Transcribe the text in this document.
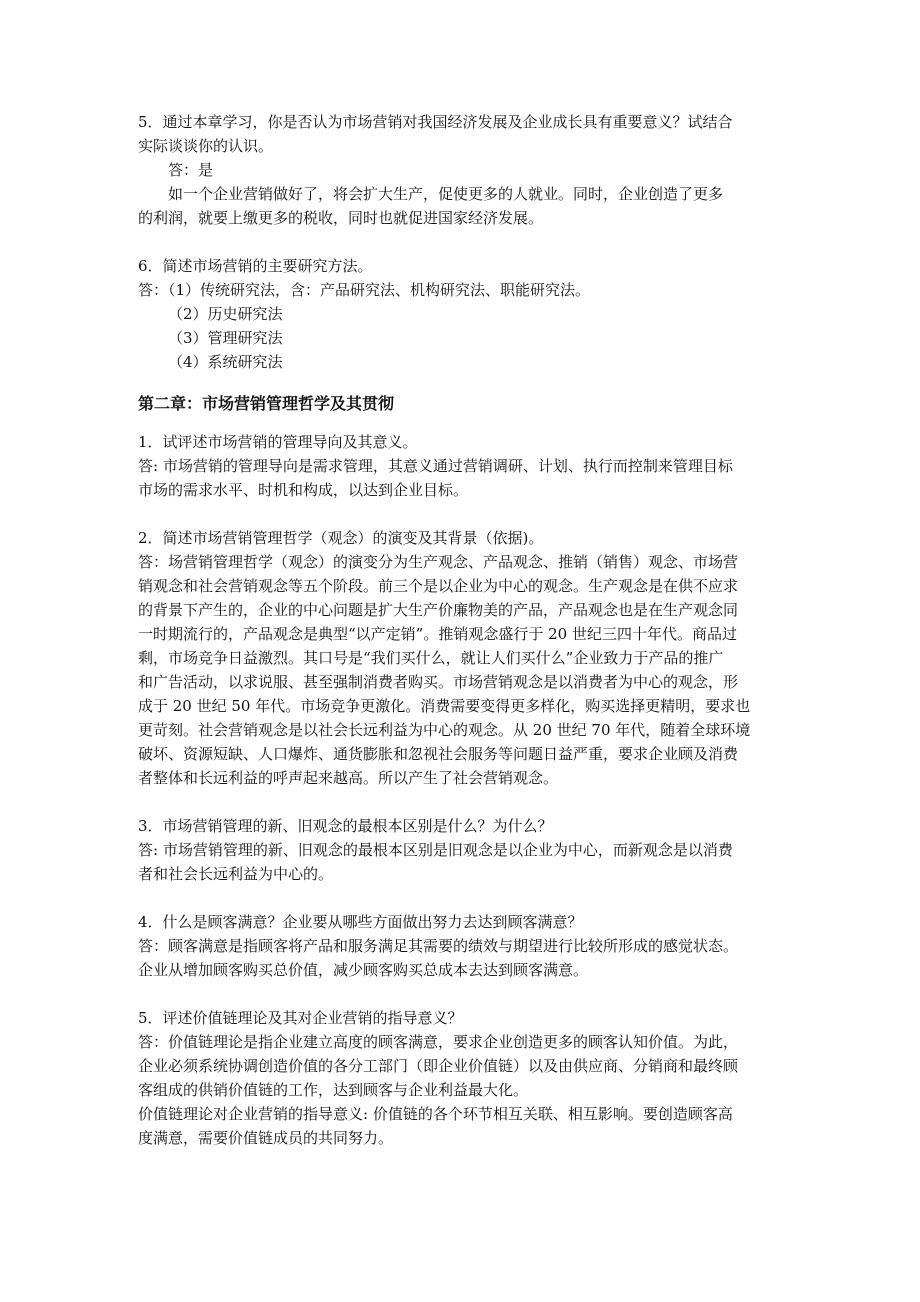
5．通过本章学习，你是否认为市场营销对我国经济发展及企业成长具有重要意义？试结合
实际谈谈你的认识。
答：是
如一个企业营销做好了，将会扩大生产，促使更多的人就业。同时，企业创造了更多
的利润，就要上缴更多的税收，同时也就促进国家经济发展。
6．简述市场营销的主要研究方法。
答：（1）传统研究法，含：产品研究法、机构研究法、职能研究法。
（2）历史研究法
（3）管理研究法
（4）系统研究法
第二章：市场营销管理哲学及其贯彻
1．试评述市场营销的管理导向及其意义。
答: 市场营销的管理导向是需求管理，其意义通过营销调研、计划、执行而控制来管理目标
市场的需求水平、时机和构成，以达到企业目标。
2．简述市场营销管理哲学（观念）的演变及其背景（依据)。
答：场营销管理哲学（观念）的演变分为生产观念、产品观念、推销（销售）观念、市场营
销观念和社会营销观念等五个阶段。前三个是以企业为中心的观念。生产观念是在供不应求
的背景下产生的，企业的中心问题是扩大生产价廉物美的产品，产品观念也是在生产观念同
一时期流行的，产品观念是典型“以产定销”。推销观念盛行于 20 世纪三四十年代。商品过
剩，市场竞争日益激烈。其口号是“我们买什么，就让人们买什么”企业致力于产品的推广
和广告活动，以求说服、甚至强制消费者购买。市场营销观念是以消费者为中心的观念，形
成于 20 世纪 50 年代。市场竞争更激化。消费需要变得更多样化，购买选择更精明，要求也
更苛刻。社会营销观念是以社会长远利益为中心的观念。从 20 世纪 70 年代，随着全球环境
破坏、资源短缺、人口爆炸、通货膨胀和忽视社会服务等问题日益严重，要求企业顾及消费
者整体和长远利益的呼声起来越高。所以产生了社会营销观念。
3．市场营销管理的新、旧观念的最根本区别是什么？为什么？
答: 市场营销管理的新、旧观念的最根本区别是旧观念是以企业为中心，而新观念是以消费
者和社会长远利益为中心的。
4．什么是顾客满意？企业要从哪些方面做出努力去达到顾客满意？
答：顾客满意是指顾客将产品和服务满足其需要的绩效与期望进行比较所形成的感觉状态。
企业从增加顾客购买总价值，减少顾客购买总成本去达到顾客满意。
5．评述价值链理论及其对企业营销的指导意义？
答：价值链理论是指企业建立高度的顾客满意，要求企业创造更多的顾客认知价值。为此，
企业必须系统协调创造价值的各分工部门（即企业价值链）以及由供应商、分销商和最终顾
客组成的供销价值链的工作，达到顾客与企业利益最大化。
价值链理论对企业营销的指导意义: 价值链的各个环节相互关联、相互影响。要创造顾客高
度满意，需要价值链成员的共同努力。
